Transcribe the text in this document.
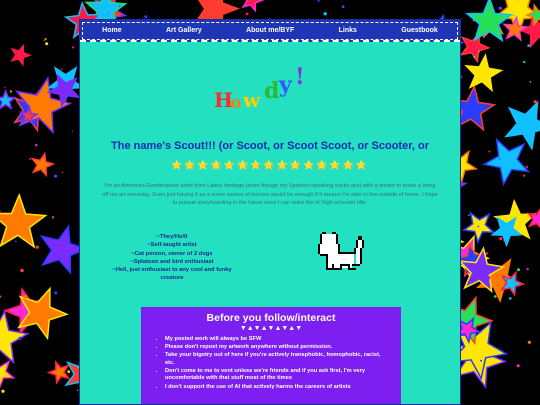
Home	Art Gallery	About me/BYF	Links	Guestbook
H
o w d y !
The name's Scout!!! (or Scoot, or Scoot Scoot, or Scooter, or
⭐🌟⭐🌟⭐🌟⭐🌟⭐🌟⭐🌟⭐🌟⭐
I'm an American Genderqueer artist from Latino heritage (even though my Spanish-speaking sucks ass) with a dream to make a living off my art someday. Even just having it as a some source of income would be enough if it means I'm able to live outside of home. I hope to pursue storyboarding in the future once I can retire the ol' high schooler title.
~They/He/It
~Self-taught artist
~Cat person, owner of 2 dogs
~Splatoon and bird enthusiast
~Hell, just enthusiast to any cool and funky creature
Before you follow/interact
▼▲▼▲▼▲▼▲▼
• My posted work will always be SFW
• Please don't repost my artwork anywhere without permission.
• Take your bigotry out of here if you're actively transphobic, homophobic, racist, etc.
• Don't come to me to vent unless we're friends and if you ask first, I'm very uncomfortable with that stuff most of the times
• I don't support the use of AI that actively harms the careers of artists
